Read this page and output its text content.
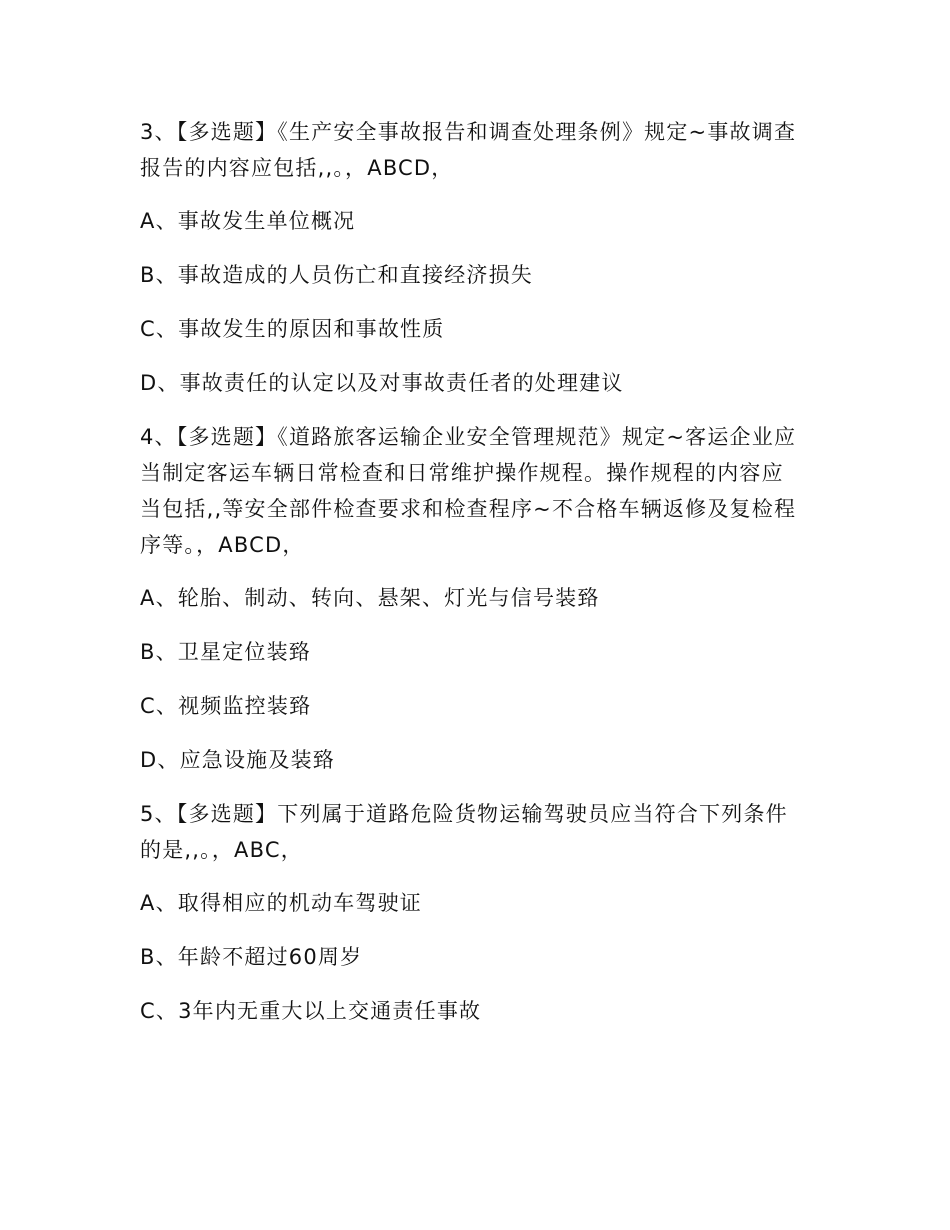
3、【多选题】《生产安全事故报告和调查处理条例》规定~事故调查报告的内容应包括,,。，ABCD，

A、事故发生单位概况

B、事故造成的人员伤亡和直接经济损失

C、事故发生的原因和事故性质

D、事故责任的认定以及对事故责任者的处理建议

4、【多选题】《道路旅客运输企业安全管理规范》规定~客运企业应当制定客运车辆日常检查和日常维护操作规程。操作规程的内容应当包括,,等安全部件检查要求和检查程序~不合格车辆返修及复检程序等。，ABCD，

A、轮胎、制动、转向、悬架、灯光与信号装臵

B、卫星定位装臵

C、视频监控装臵

D、应急设施及装臵

5、【多选题】下列属于道路危险货物运输驾驶员应当符合下列条件的是,,。，ABC，

A、取得相应的机动车驾驶证

B、年龄不超过60周岁

C、3年内无重大以上交通责任事故
